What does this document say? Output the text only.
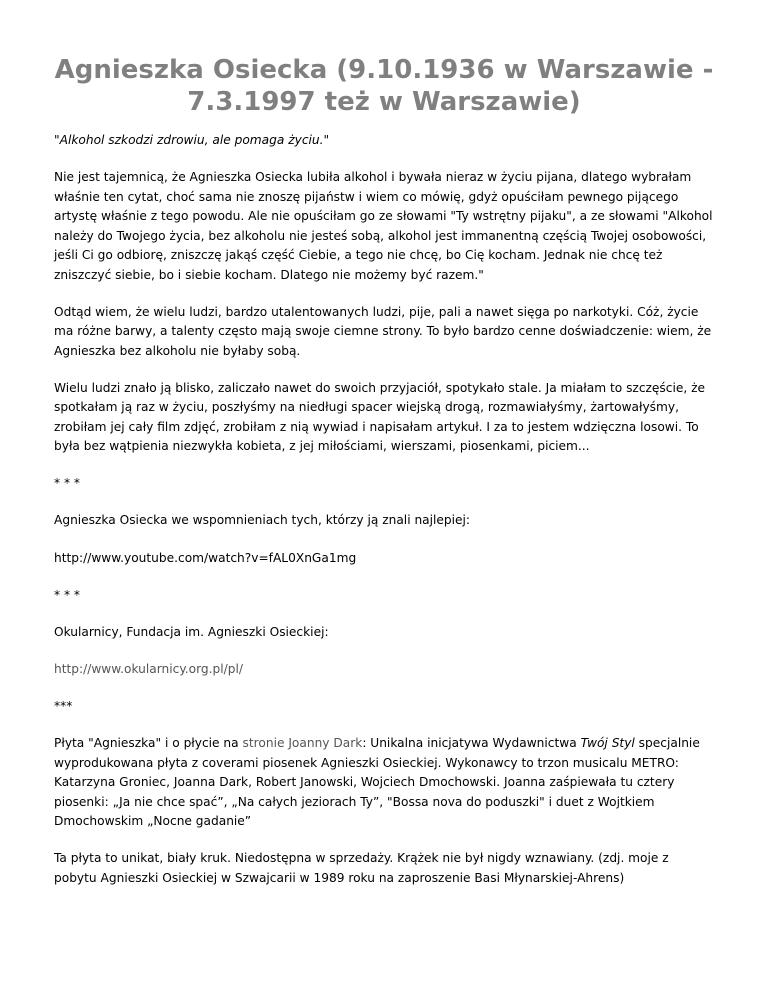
Agnieszka Osiecka (9.10.1936 w Warszawie - 7.3.1997 też w Warszawie)

"Alkohol szkodzi zdrowiu, ale pomaga życiu."

Nie jest tajemnicą, że Agnieszka Osiecka lubiła alkohol i bywała nieraz w życiu pijana, dlatego wybrałam właśnie ten cytat, choć sama nie znoszę pijaństw i wiem co mówię, gdyż opuściłam pewnego pijącego artystę właśnie z tego powodu. Ale nie opuściłam go ze słowami "Ty wstrętny pijaku", a ze słowami "Alkohol należy do Twojego życia, bez alkoholu nie jesteś sobą, alkohol jest immanentną częścią Twojej osobowości, jeśli Ci go odbiorę, zniszczę jakąś część Ciebie, a tego nie chcę, bo Cię kocham. Jednak nie chcę też zniszczyć siebie, bo i siebie kocham. Dlatego nie możemy być razem."

Odtąd wiem, że wielu ludzi, bardzo utalentowanych ludzi, pije, pali a nawet sięga po narkotyki. Cóż, życie ma różne barwy, a talenty często mają swoje ciemne strony. To było bardzo cenne doświadczenie: wiem, że Agnieszka bez alkoholu nie byłaby sobą.

Wielu ludzi znało ją blisko, zaliczało nawet do swoich przyjaciół, spotykało stale. Ja miałam to szczęście, że spotkałam ją raz w życiu, poszłyśmy na niedługi spacer wiejską drogą, rozmawiałyśmy, żartowałyśmy, zrobiłam jej cały film zdjęć, zrobiłam z nią wywiad i napisałam artykuł. I za to jestem wdzięczna losowi. To była bez wątpienia niezwykła kobieta, z jej miłościami, wierszami, piosenkami, piciem...

* * *

Agnieszka Osiecka we wspomnieniach tych, którzy ją znali najlepiej:

http://www.youtube.com/watch?v=fAL0XnGa1mg

* * *

Okularnicy, Fundacja im. Agnieszki Osieckiej:

http://www.okularnicy.org.pl/pl/

***

Płyta "Agnieszka" i o płycie na stronie Joanny Dark: Unikalna inicjatywa Wydawnictwa Twój Styl specjalnie wyprodukowana płyta z coverami piosenek Agnieszki Osieckiej. Wykonawcy to trzon musicalu METRO: Katarzyna Groniec, Joanna Dark, Robert Janowski, Wojciech Dmochowski. Joanna zaśpiewała tu cztery piosenki: „Ja nie chce spać”, „Na całych jeziorach Ty”, "Bossa nova do poduszki" i duet z Wojtkiem Dmochowskim „Nocne gadanie”

Ta płyta to unikat, biały kruk. Niedostępna w sprzedaży. Krążek nie był nigdy wznawiany. (zdj. moje z pobytu Agnieszki Osieckiej w Szwajcarii w 1989 roku na zaproszenie Basi Młynarskiej-Ahrens)
